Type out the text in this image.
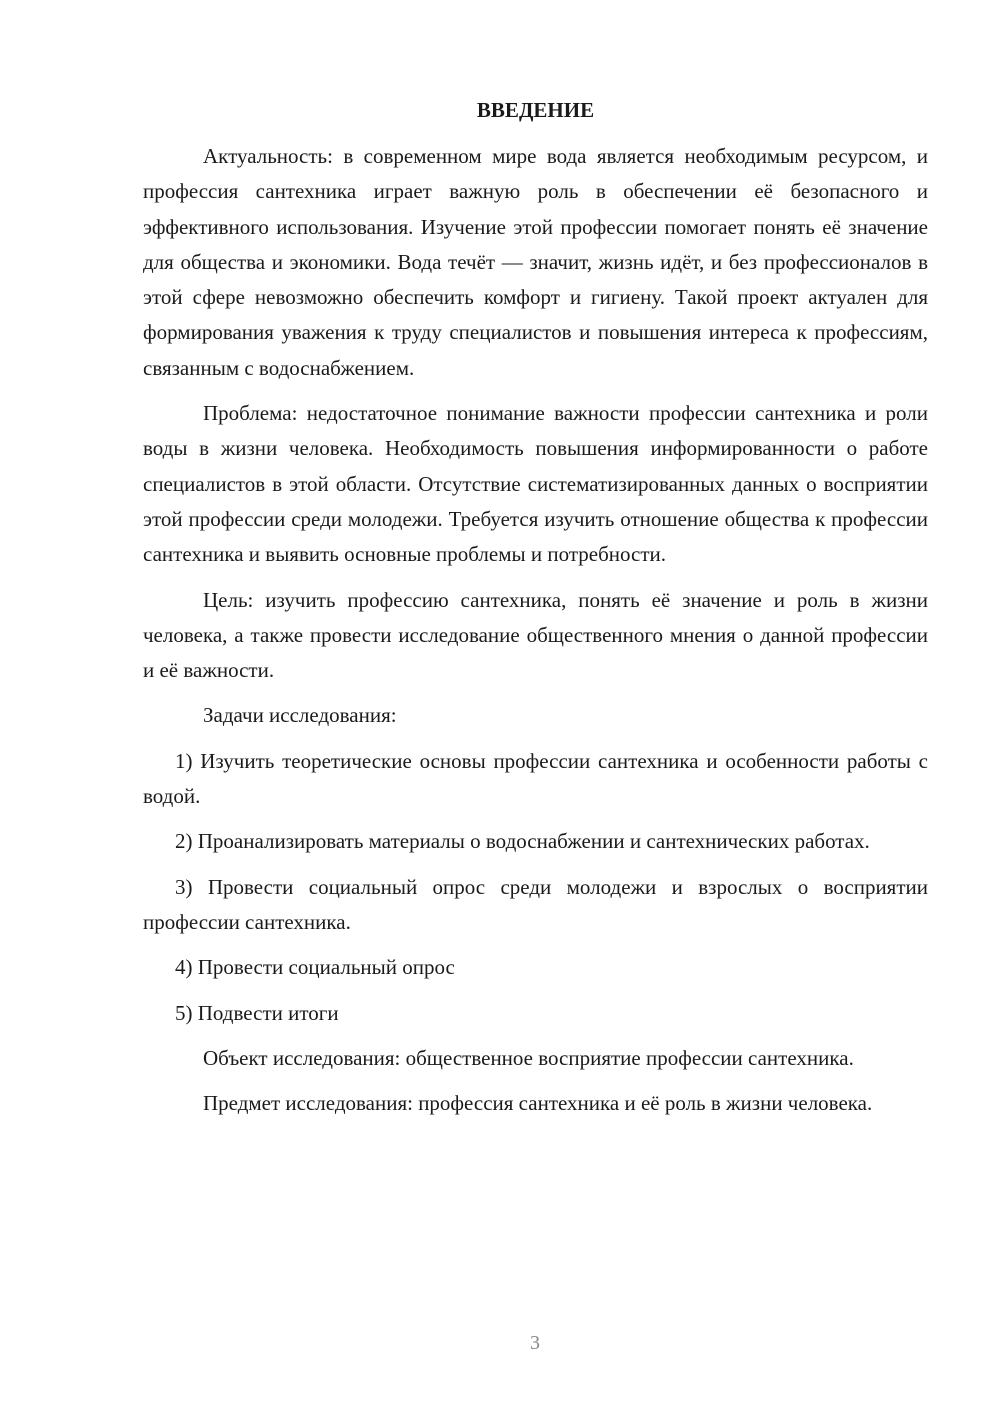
ВВЕДЕНИЕ

Актуальность: в современном мире вода является необходимым ресурсом, и профессия сантехника играет важную роль в обеспечении её безопасного и эффективного использования. Изучение этой профессии помогает понять её значение для общества и экономики. Вода течёт — значит, жизнь идёт, и без профессионалов в этой сфере невозможно обеспечить комфорт и гигиену. Такой проект актуален для формирования уважения к труду специалистов и повышения интереса к профессиям, связанным с водоснабжением.

Проблема: недостаточное понимание важности профессии сантехника и роли воды в жизни человека. Необходимость повышения информированности о работе специалистов в этой области. Отсутствие систематизированных данных о восприятии этой профессии среди молодежи. Требуется изучить отношение общества к профессии сантехника и выявить основные проблемы и потребности.

Цель: изучить профессию сантехника, понять её значение и роль в жизни человека, а также провести исследование общественного мнения о данной профессии и её важности.

Задачи исследования:

1) Изучить теоретические основы профессии сантехника и особенности работы с водой.

2) Проанализировать материалы о водоснабжении и сантехнических работах.

3) Провести социальный опрос среди молодежи и взрослых о восприятии профессии сантехника.

4) Провести социальный опрос

5) Подвести итоги

Объект исследования: общественное восприятие профессии сантехника.

Предмет исследования: профессия сантехника и её роль в жизни человека.

3
